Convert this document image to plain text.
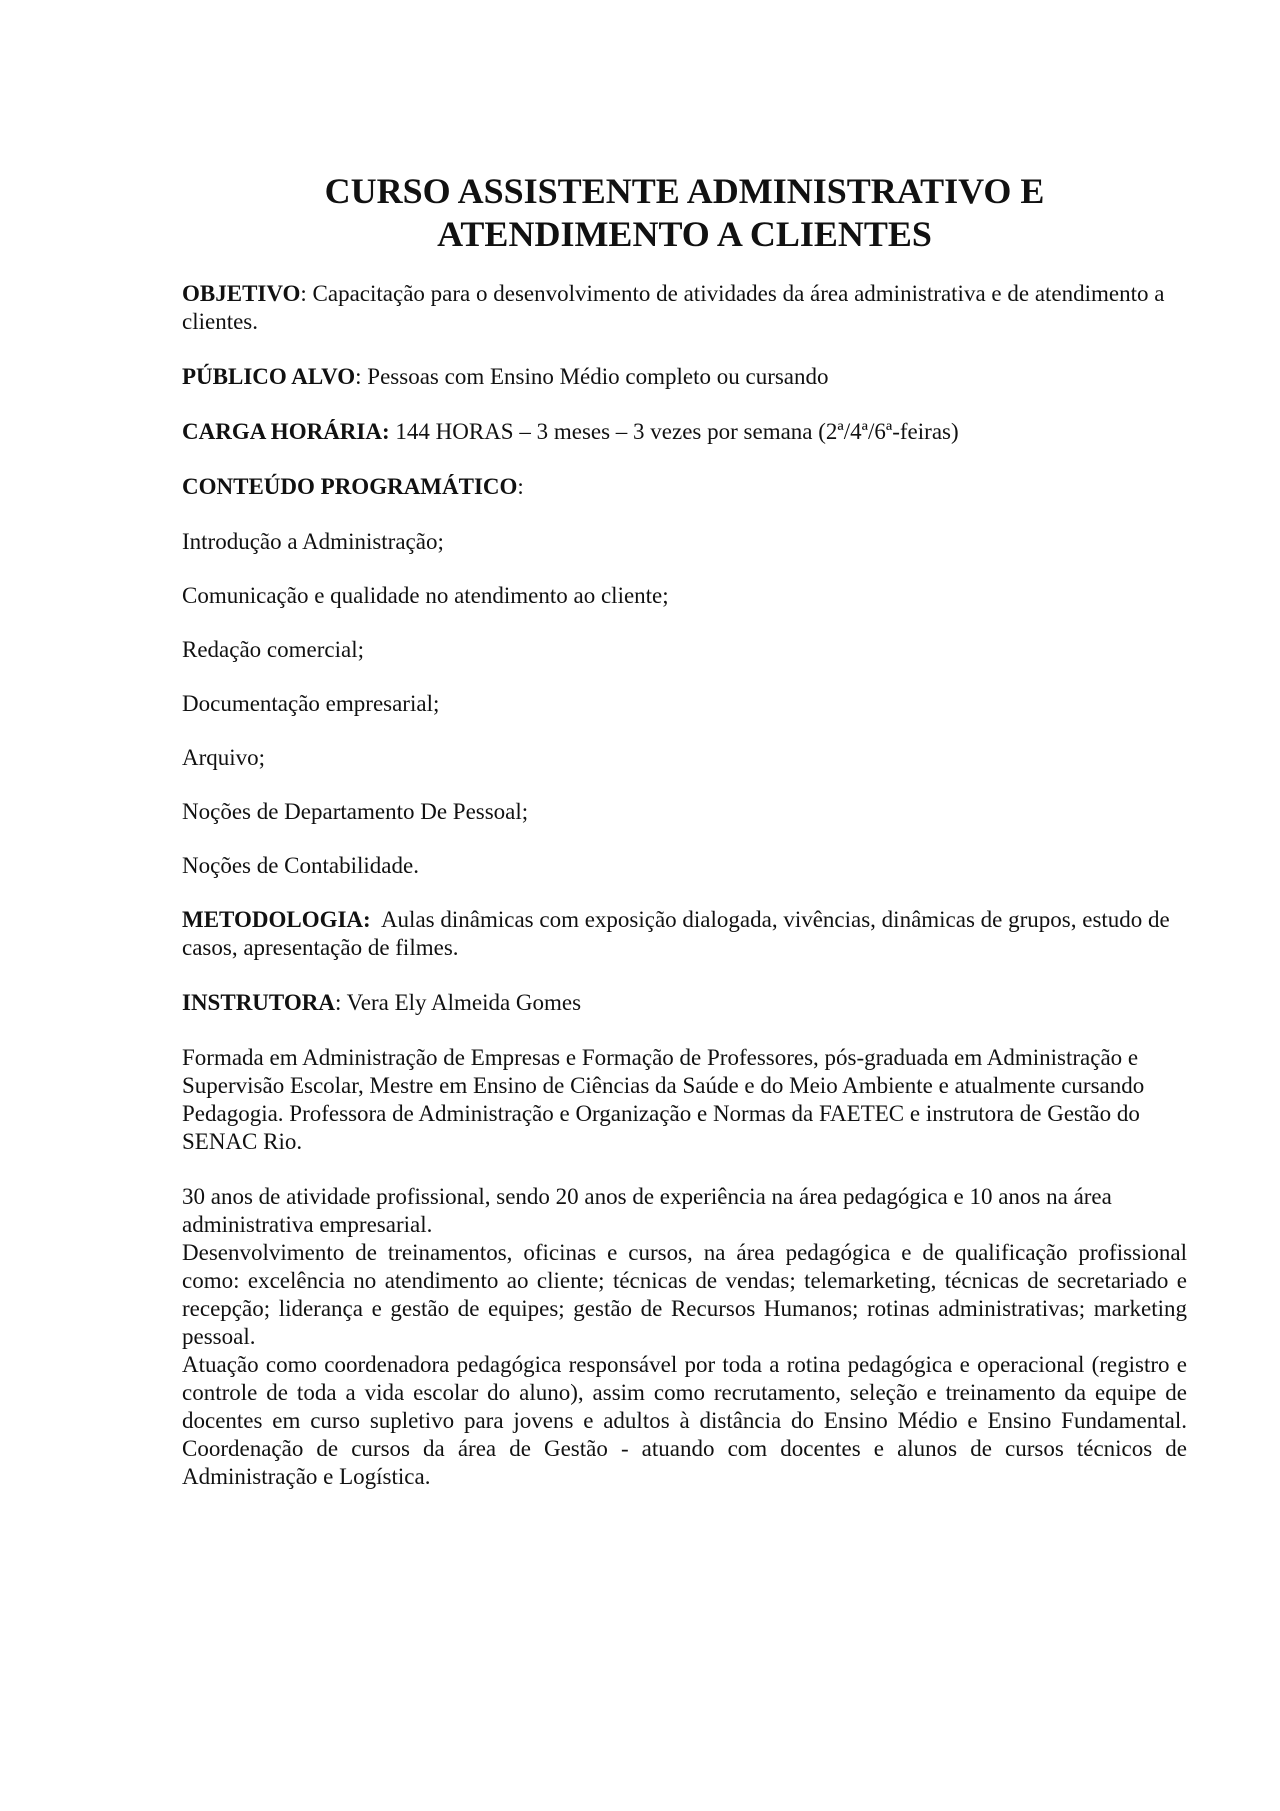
CURSO ASSISTENTE ADMINISTRATIVO E
ATENDIMENTO A CLIENTES

OBJETIVO: Capacitação para o desenvolvimento de atividades da área administrativa e de atendimento a clientes.

PÚBLICO ALVO: Pessoas com Ensino Médio completo ou cursando

CARGA HORÁRIA: 144 HORAS – 3 meses – 3 vezes por semana (2ª/4ª/6ª-feiras)

CONTEÚDO PROGRAMÁTICO:

Introdução a Administração;

Comunicação e qualidade no atendimento ao cliente;

Redação comercial;

Documentação empresarial;

Arquivo;

Noções de Departamento De Pessoal;

Noções de Contabilidade.

METODOLOGIA:  Aulas dinâmicas com exposição dialogada, vivências, dinâmicas de grupos, estudo de casos, apresentação de filmes.

INSTRUTORA: Vera Ely Almeida Gomes

Formada em Administração de Empresas e Formação de Professores, pós-graduada em Administração e Supervisão Escolar, Mestre em Ensino de Ciências da Saúde e do Meio Ambiente e atualmente cursando Pedagogia. Professora de Administração e Organização e Normas da FAETEC e instrutora de Gestão do SENAC Rio.

30 anos de atividade profissional, sendo 20 anos de experiência na área pedagógica e 10 anos na área administrativa empresarial.

Desenvolvimento de treinamentos, oficinas e cursos, na área pedagógica e de qualificação profissional como: excelência no atendimento ao cliente; técnicas de vendas; telemarketing, técnicas de secretariado e recepção; liderança e gestão de equipes; gestão de Recursos Humanos; rotinas administrativas; marketing pessoal.

Atuação como coordenadora pedagógica responsável por toda a rotina pedagógica e operacional (registro e controle de toda a vida escolar do aluno), assim como recrutamento, seleção e treinamento da equipe de docentes em curso supletivo para jovens e adultos à distância do Ensino Médio e Ensino Fundamental. Coordenação de cursos da área de Gestão - atuando com docentes e alunos de cursos técnicos de Administração e Logística.
